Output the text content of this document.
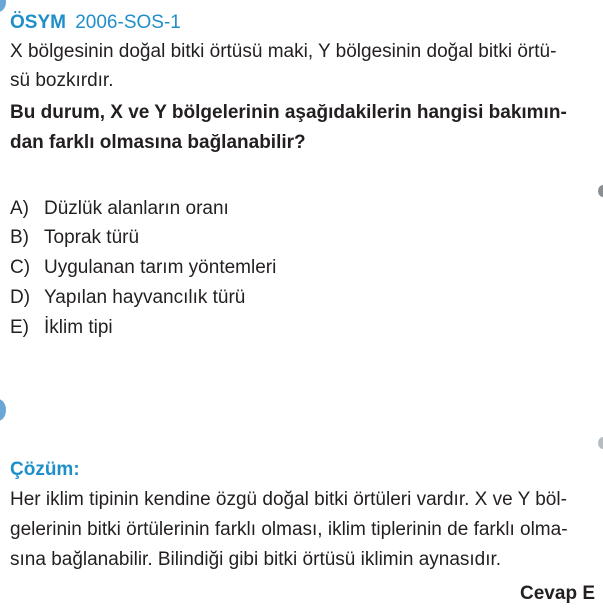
ÖSYM 2006-SOS-1
X bölgesinin doğal bitki örtüsü maki, Y bölgesinin doğal bitki örtü-
sü bozkırdır.
Bu durum, X ve Y bölgelerinin aşağıdakilerin hangisi bakımın-
dan farklı olmasına bağlanabilir?
A) Düzlük alanların oranı
B) Toprak türü
C) Uygulanan tarım yöntemleri
D) Yapılan hayvancılık türü
E) İklim tipi
Çözüm:
Her iklim tipinin kendine özgü doğal bitki örtüleri vardır. X ve Y böl-
gelerinin bitki örtülerinin farklı olması, iklim tiplerinin de farklı olma-
sına bağlanabilir. Bilindiği gibi bitki örtüsü iklimin aynasıdır.
Cevap E
